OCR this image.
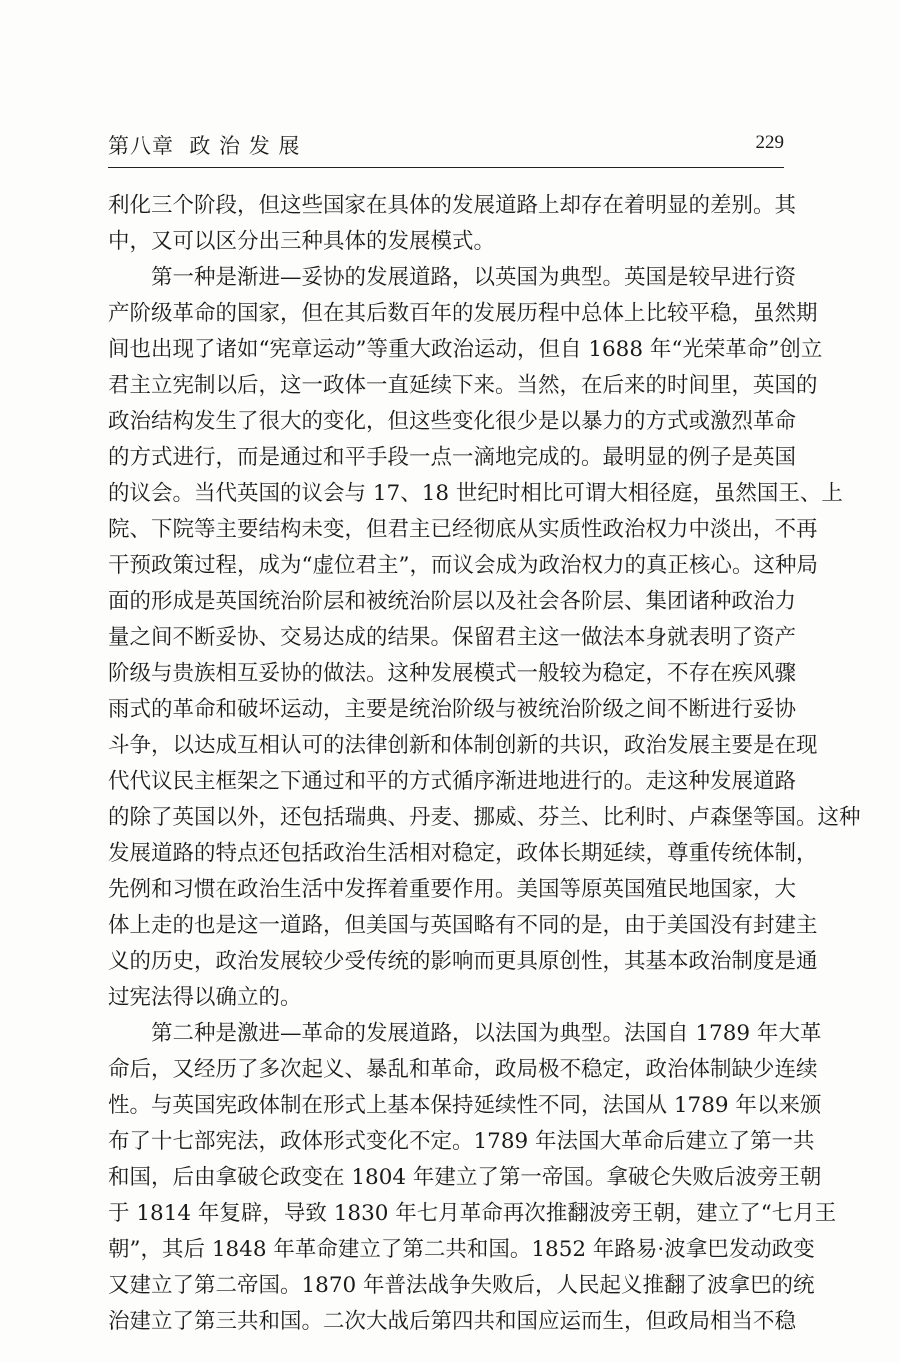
第八章  政 治 发 展	229
利化三个阶段，但这些国家在具体的发展道路上却存在着明显的差别。其
中，又可以区分出三种具体的发展模式。
　　第一种是渐进—妥协的发展道路，以英国为典型。英国是较早进行资
产阶级革命的国家，但在其后数百年的发展历程中总体上比较平稳，虽然期
间也出现了诸如“宪章运动”等重大政治运动，但自 1688 年“光荣革命”创立
君主立宪制以后，这一政体一直延续下来。当然，在后来的时间里，英国的
政治结构发生了很大的变化，但这些变化很少是以暴力的方式或激烈革命
的方式进行，而是通过和平手段一点一滴地完成的。最明显的例子是英国
的议会。当代英国的议会与 17、18 世纪时相比可谓大相径庭，虽然国王、上
院、下院等主要结构未变，但君主已经彻底从实质性政治权力中淡出，不再
干预政策过程，成为“虚位君主”，而议会成为政治权力的真正核心。这种局
面的形成是英国统治阶层和被统治阶层以及社会各阶层、集团诸种政治力
量之间不断妥协、交易达成的结果。保留君主这一做法本身就表明了资产
阶级与贵族相互妥协的做法。这种发展模式一般较为稳定，不存在疾风骤
雨式的革命和破坏运动，主要是统治阶级与被统治阶级之间不断进行妥协
斗争，以达成互相认可的法律创新和体制创新的共识，政治发展主要是在现
代代议民主框架之下通过和平的方式循序渐进地进行的。走这种发展道路
的除了英国以外，还包括瑞典、丹麦、挪威、芬兰、比利时、卢森堡等国。这种
发展道路的特点还包括政治生活相对稳定，政体长期延续，尊重传统体制，
先例和习惯在政治生活中发挥着重要作用。美国等原英国殖民地国家，大
体上走的也是这一道路，但美国与英国略有不同的是，由于美国没有封建主
义的历史，政治发展较少受传统的影响而更具原创性，其基本政治制度是通
过宪法得以确立的。
　　第二种是激进—革命的发展道路，以法国为典型。法国自 1789 年大革
命后，又经历了多次起义、暴乱和革命，政局极不稳定，政治体制缺少连续
性。与英国宪政体制在形式上基本保持延续性不同，法国从 1789 年以来颁
布了十七部宪法，政体形式变化不定。1789 年法国大革命后建立了第一共
和国，后由拿破仑政变在 1804 年建立了第一帝国。拿破仑失败后波旁王朝
于 1814 年复辟，导致 1830 年七月革命再次推翻波旁王朝，建立了“七月王
朝”，其后 1848 年革命建立了第二共和国。1852 年路易·波拿巴发动政变
又建立了第二帝国。1870 年普法战争失败后，人民起义推翻了波拿巴的统
治建立了第三共和国。二次大战后第四共和国应运而生，但政局相当不稳
